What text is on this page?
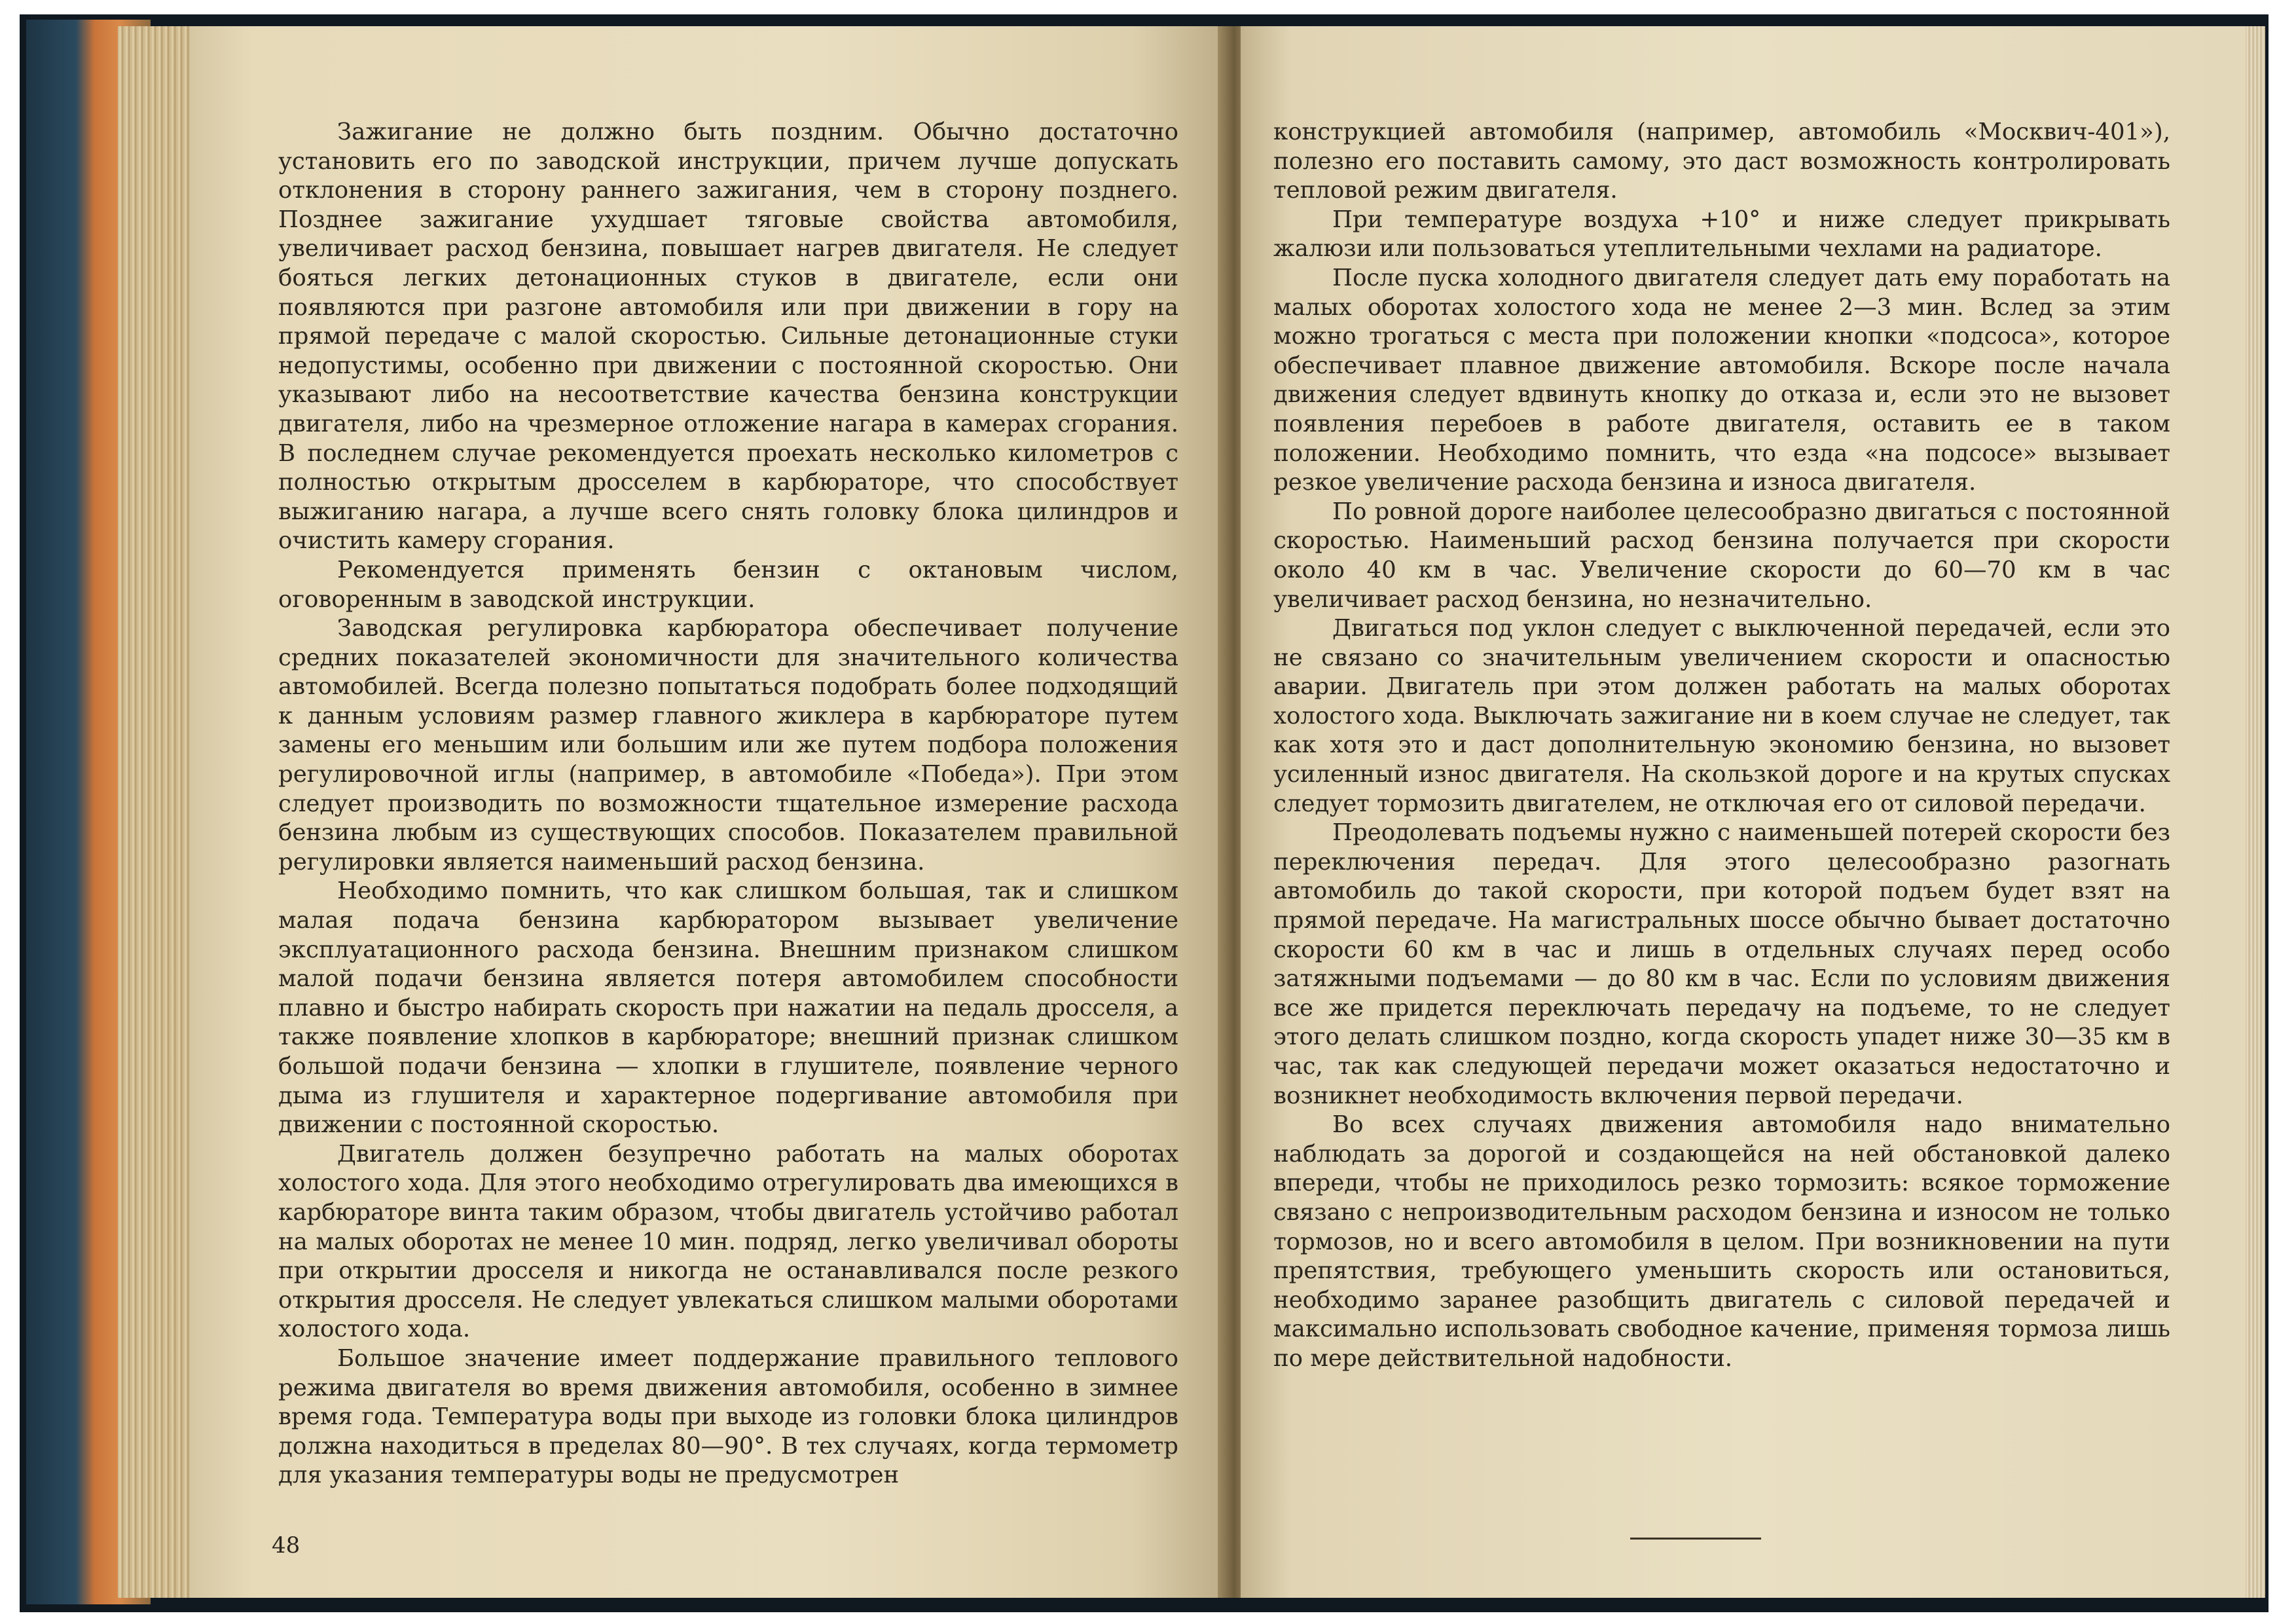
Зажигание не должно быть поздним. Обычно достаточно установить его по заводской инструкции, причем лучше допускать отклонения в сторону раннего зажигания, чем в сторону позднего. Позднее зажигание ухудшает тяговые свойства автомобиля, увеличивает расход бензина, повышает нагрев двигателя. Не следует бояться легких детонационных стуков в двигателе, если они появляются при разгоне автомобиля или при движении в гору на прямой передаче с малой скоростью. Сильные детонационные стуки недопустимы, особенно при движении с постоянной скоростью. Они указывают либо на несоответствие качества бензина конструкции двигателя, либо на чрезмерное отложение нагара в камерах сгорания. В последнем случае рекомендуется проехать несколько километров с полностью открытым дросселем в карбюраторе, что способствует выжиганию нагара, а лучше всего снять головку блока цилиндров и очистить камеру сгорания.

Рекомендуется применять бензин с октановым числом, оговоренным в заводской инструкции.

Заводская регулировка карбюратора обеспечивает получение средних показателей экономичности для значительного количества автомобилей. Всегда полезно попытаться подобрать более подходящий к данным условиям размер главного жиклера в карбюраторе путем замены его меньшим или большим или же путем подбора положения регулировочной иглы (например, в автомобиле «Победа»). При этом следует производить по возможности тщательное измерение расхода бензина любым из существующих способов. Показателем правильной регулировки является наименьший расход бензина.

Необходимо помнить, что как слишком большая, так и слишком малая подача бензина карбюратором вызывает увеличение эксплуатационного расхода бензина. Внешним признаком слишком малой подачи бензина является потеря автомобилем способности плавно и быстро набирать скорость при нажатии на педаль дросселя, а также появление хлопков в карбюраторе; внешний признак слишком большой подачи бензина — хлопки в глушителе, появление черного дыма из глушителя и характерное подергивание автомобиля при движении с постоянной скоростью.

Двигатель должен безупречно работать на малых оборотах холостого хода. Для этого необходимо отрегулировать два имеющихся в карбюраторе винта таким образом, чтобы двигатель устойчиво работал на малых оборотах не менее 10 мин. подряд, легко увеличивал обороты при открытии дросселя и никогда не останавливался после резкого открытия дросселя. Не следует увлекаться слишком малыми оборотами холостого хода.

Большое значение имеет поддержание правильного теплового режима двигателя во время движения автомобиля, особенно в зимнее время года. Температура воды при выходе из головки блока цилиндров должна находиться в пределах 80—90°. В тех случаях, когда термометр для указания температуры воды не предусмотрен

48

конструкцией автомобиля (например, автомобиль «Москвич-401»), полезно его поставить самому, это даст возможность контролировать тепловой режим двигателя.

При температуре воздуха +10° и ниже следует прикрывать жалюзи или пользоваться утеплительными чехлами на радиаторе.

После пуска холодного двигателя следует дать ему поработать на малых оборотах холостого хода не менее 2—3 мин. Вслед за этим можно трогаться с места при положении кнопки «подсоса», которое обеспечивает плавное движение автомобиля. Вскоре после начала движения следует вдвинуть кнопку до отказа и, если это не вызовет появления перебоев в работе двигателя, оставить ее в таком положении. Необходимо помнить, что езда «на подсосе» вызывает резкое увеличение расхода бензина и износа двигателя.

По ровной дороге наиболее целесообразно двигаться с постоянной скоростью. Наименьший расход бензина получается при скорости около 40 км в час. Увеличение скорости до 60—70 км в час увеличивает расход бензина, но незначительно.

Двигаться под уклон следует с выключенной передачей, если это не связано со значительным увеличением скорости и опасностью аварии. Двигатель при этом должен работать на малых оборотах холостого хода. Выключать зажигание ни в коем случае не следует, так как хотя это и даст дополнительную экономию бензина, но вызовет усиленный износ двигателя. На скользкой дороге и на крутых спусках следует тормозить двигателем, не отключая его от силовой передачи.

Преодолевать подъемы нужно с наименьшей потерей скорости без переключения передач. Для этого целесообразно разогнать автомобиль до такой скорости, при которой подъем будет взят на прямой передаче. На магистральных шоссе обычно бывает достаточно скорости 60 км в час и лишь в отдельных случаях перед особо затяжными подъемами — до 80 км в час. Если по условиям движения все же придется переключать передачу на подъеме, то не следует этого делать слишком поздно, когда скорость упадет ниже 30—35 км в час, так как следующей передачи может оказаться недостаточно и возникнет необходимость включения первой передачи.

Во всех случаях движения автомобиля надо внимательно наблюдать за дорогой и создающейся на ней обстановкой далеко впереди, чтобы не приходилось резко тормозить: всякое торможение связано с непроизводительным расходом бензина и износом не только тормозов, но и всего автомобиля в целом. При возникновении на пути препятствия, требующего уменьшить скорость или остановиться, необходимо заранее разобщить двигатель с силовой передачей и максимально использовать свободное качение, применяя тормоза лишь по мере действительной надобности.
